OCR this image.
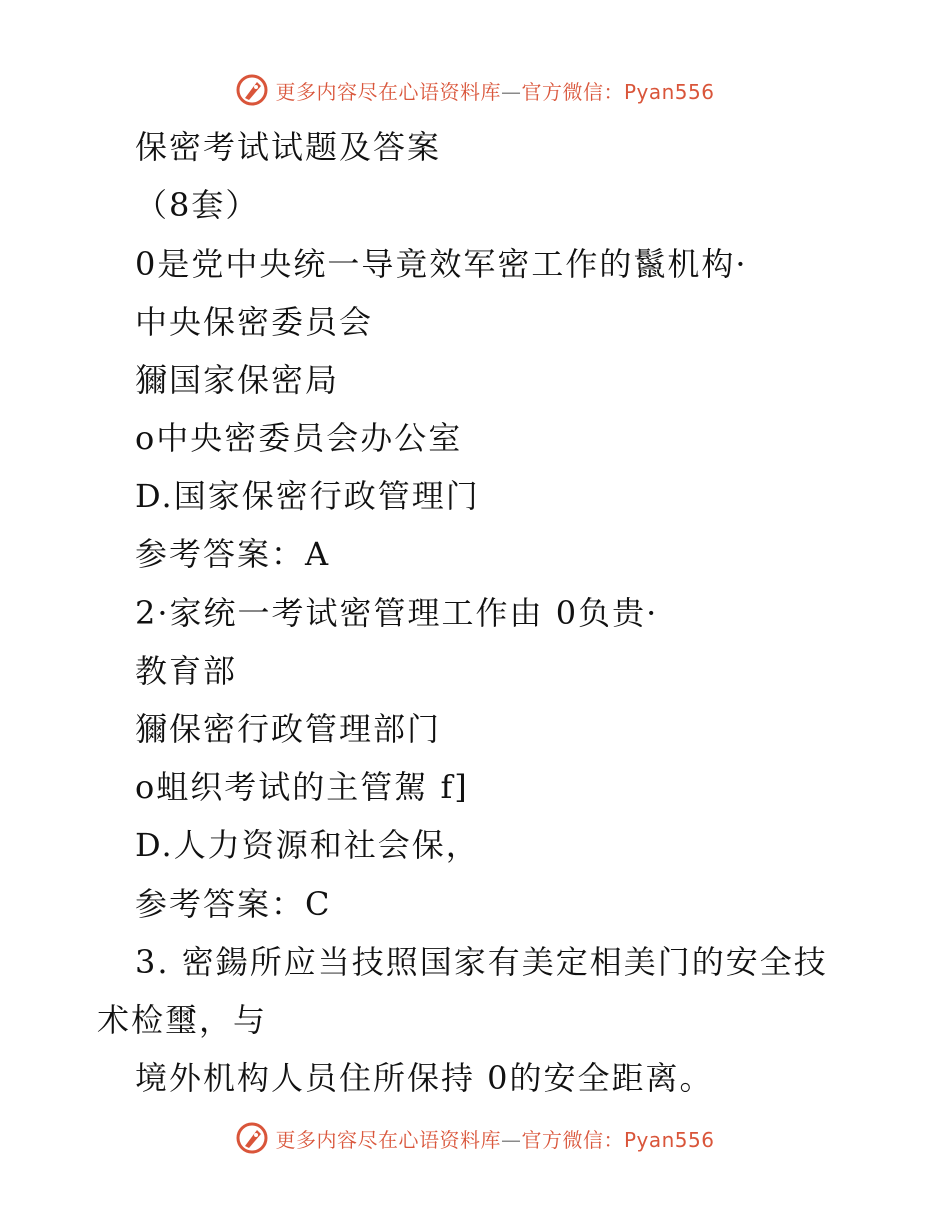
更多内容尽在心语资料库—官方微信：Pyan556
保密考试试题及答案
（8套）
0是党中央统一导竟效军密工作的鬣机构·
中央保密委员会
獮国家保密局
o中央密委员会办公室
D.国家保密行政管理门
参考答案：A
2·家统一考试密管理工作由 0负贵·
教育部
獮保密行政管理部门
o蛆织考试的主管駕 f]
D.人力资源和社会保，
参考答案：C
3. 密鍚所应当技照国家有美定相美门的安全技
术检璽，与
境外机构人员住所保持 0的安全距离。
更多内容尽在心语资料库—官方微信：Pyan556
